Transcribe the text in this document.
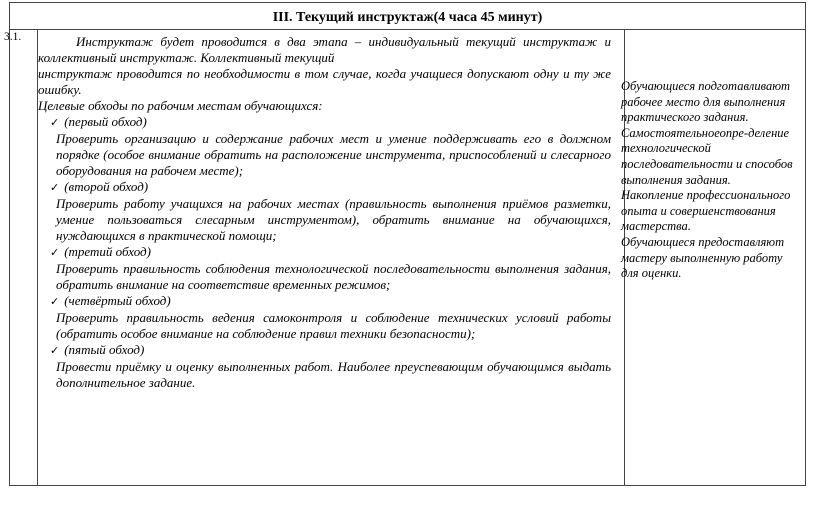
III. Текущий инструктаж(4 часа 45 минут)
3.1.	Инструктаж будет проводится в два этапа – индивидуальный текущий инструктаж и коллективный инструктаж. Коллективный текущий

инструктаж проводится по необходимости в том случае, когда учащиеся допускают одну и ту же ошибку.

Целевые обходы по рабочим местам обучающихся:

✓ (первый обход)

Проверить организацию и содержание рабочих мест и умение поддерживать его в должном порядке (особое внимание обратить на расположение инструмента, приспособлений и слесарного оборудования на рабочем месте);

✓ (второй обход)

Проверить работу учащихся на рабочих местах (правильность выполнения приёмов разметки, умение пользоваться слесарным инструментом), обратить внимание на обучающихся, нуждающихся в практической помощи;

✓ (третий обход)

Проверить правильность соблюдения технологической последовательности выполнения задания, обратить внимание на соответствие временных режимов;

✓ (четвёртый обход)

Проверить правильность ведения самоконтроля и соблюдение технических условий работы (обратить особое внимание на соблюдение правил техники безопасности);

✓ (пятый обход)

Провести приёмку и оценку выполненных работ. Наиболее преуспевающим обучающимся выдать дополнительное задание.

Обучающиеся подготавливают рабочее место для выполнения практического задания.

Самостоятельноеопре-деление технологической последовательности и способов выполнения задания.

Накопление профессионального опыта и совершенствования мастерства.

Обучающиеся предоставляют мастеру выполненную работу для оценки.
